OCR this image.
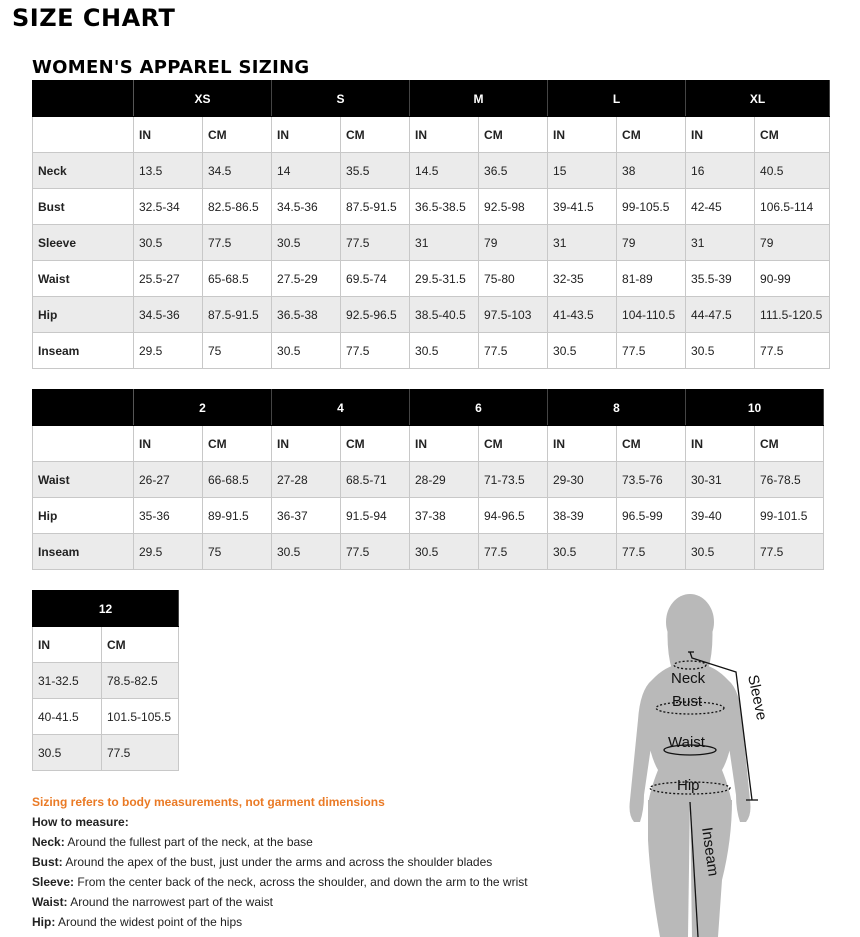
SIZE CHART
WOMEN'S APPAREL SIZING
	XS		S		M		L		XL	
	IN	CM	IN	CM	IN	CM	IN	CM	IN	CM
Neck	13.5	34.5	14	35.5	14.5	36.5	15	38	16	40.5
Bust	32.5-34	82.5-86.5	34.5-36	87.5-91.5	36.5-38.5	92.5-98	39-41.5	99-105.5	42-45	106.5-114
Sleeve	30.5	77.5	30.5	77.5	31	79	31	79	31	79
Waist	25.5-27	65-68.5	27.5-29	69.5-74	29.5-31.5	75-80	32-35	81-89	35.5-39	90-99
Hip	34.5-36	87.5-91.5	36.5-38	92.5-96.5	38.5-40.5	97.5-103	41-43.5	104-110.5	44-47.5	111.5-120.5
Inseam	29.5	75	30.5	77.5	30.5	77.5	30.5	77.5	30.5	77.5
	2		4		6		8		10	
	IN	CM	IN	CM	IN	CM	IN	CM	IN	CM
Waist	26-27	66-68.5	27-28	68.5-71	28-29	71-73.5	29-30	73.5-76	30-31	76-78.5
Hip	35-36	89-91.5	36-37	91.5-94	37-38	94-96.5	38-39	96.5-99	39-40	99-101.5
Inseam	29.5	75	30.5	77.5	30.5	77.5	30.5	77.5	30.5	77.5
12	
IN	CM
31-32.5	78.5-82.5
40-41.5	101.5-105.5
30.5	77.5
Sizing refers to body measurements, not garment dimensions
How to measure:
Neck: Around the fullest part of the neck, at the base
Bust: Around the apex of the bust, just under the arms and across the shoulder blades
Sleeve: From the center back of the neck, across the shoulder, and down the arm to the wrist
Waist: Around the narrowest part of the waist
Hip: Around the widest point of the hips
Neck
Bust
Waist
Hip
Sleeve
Inseam
